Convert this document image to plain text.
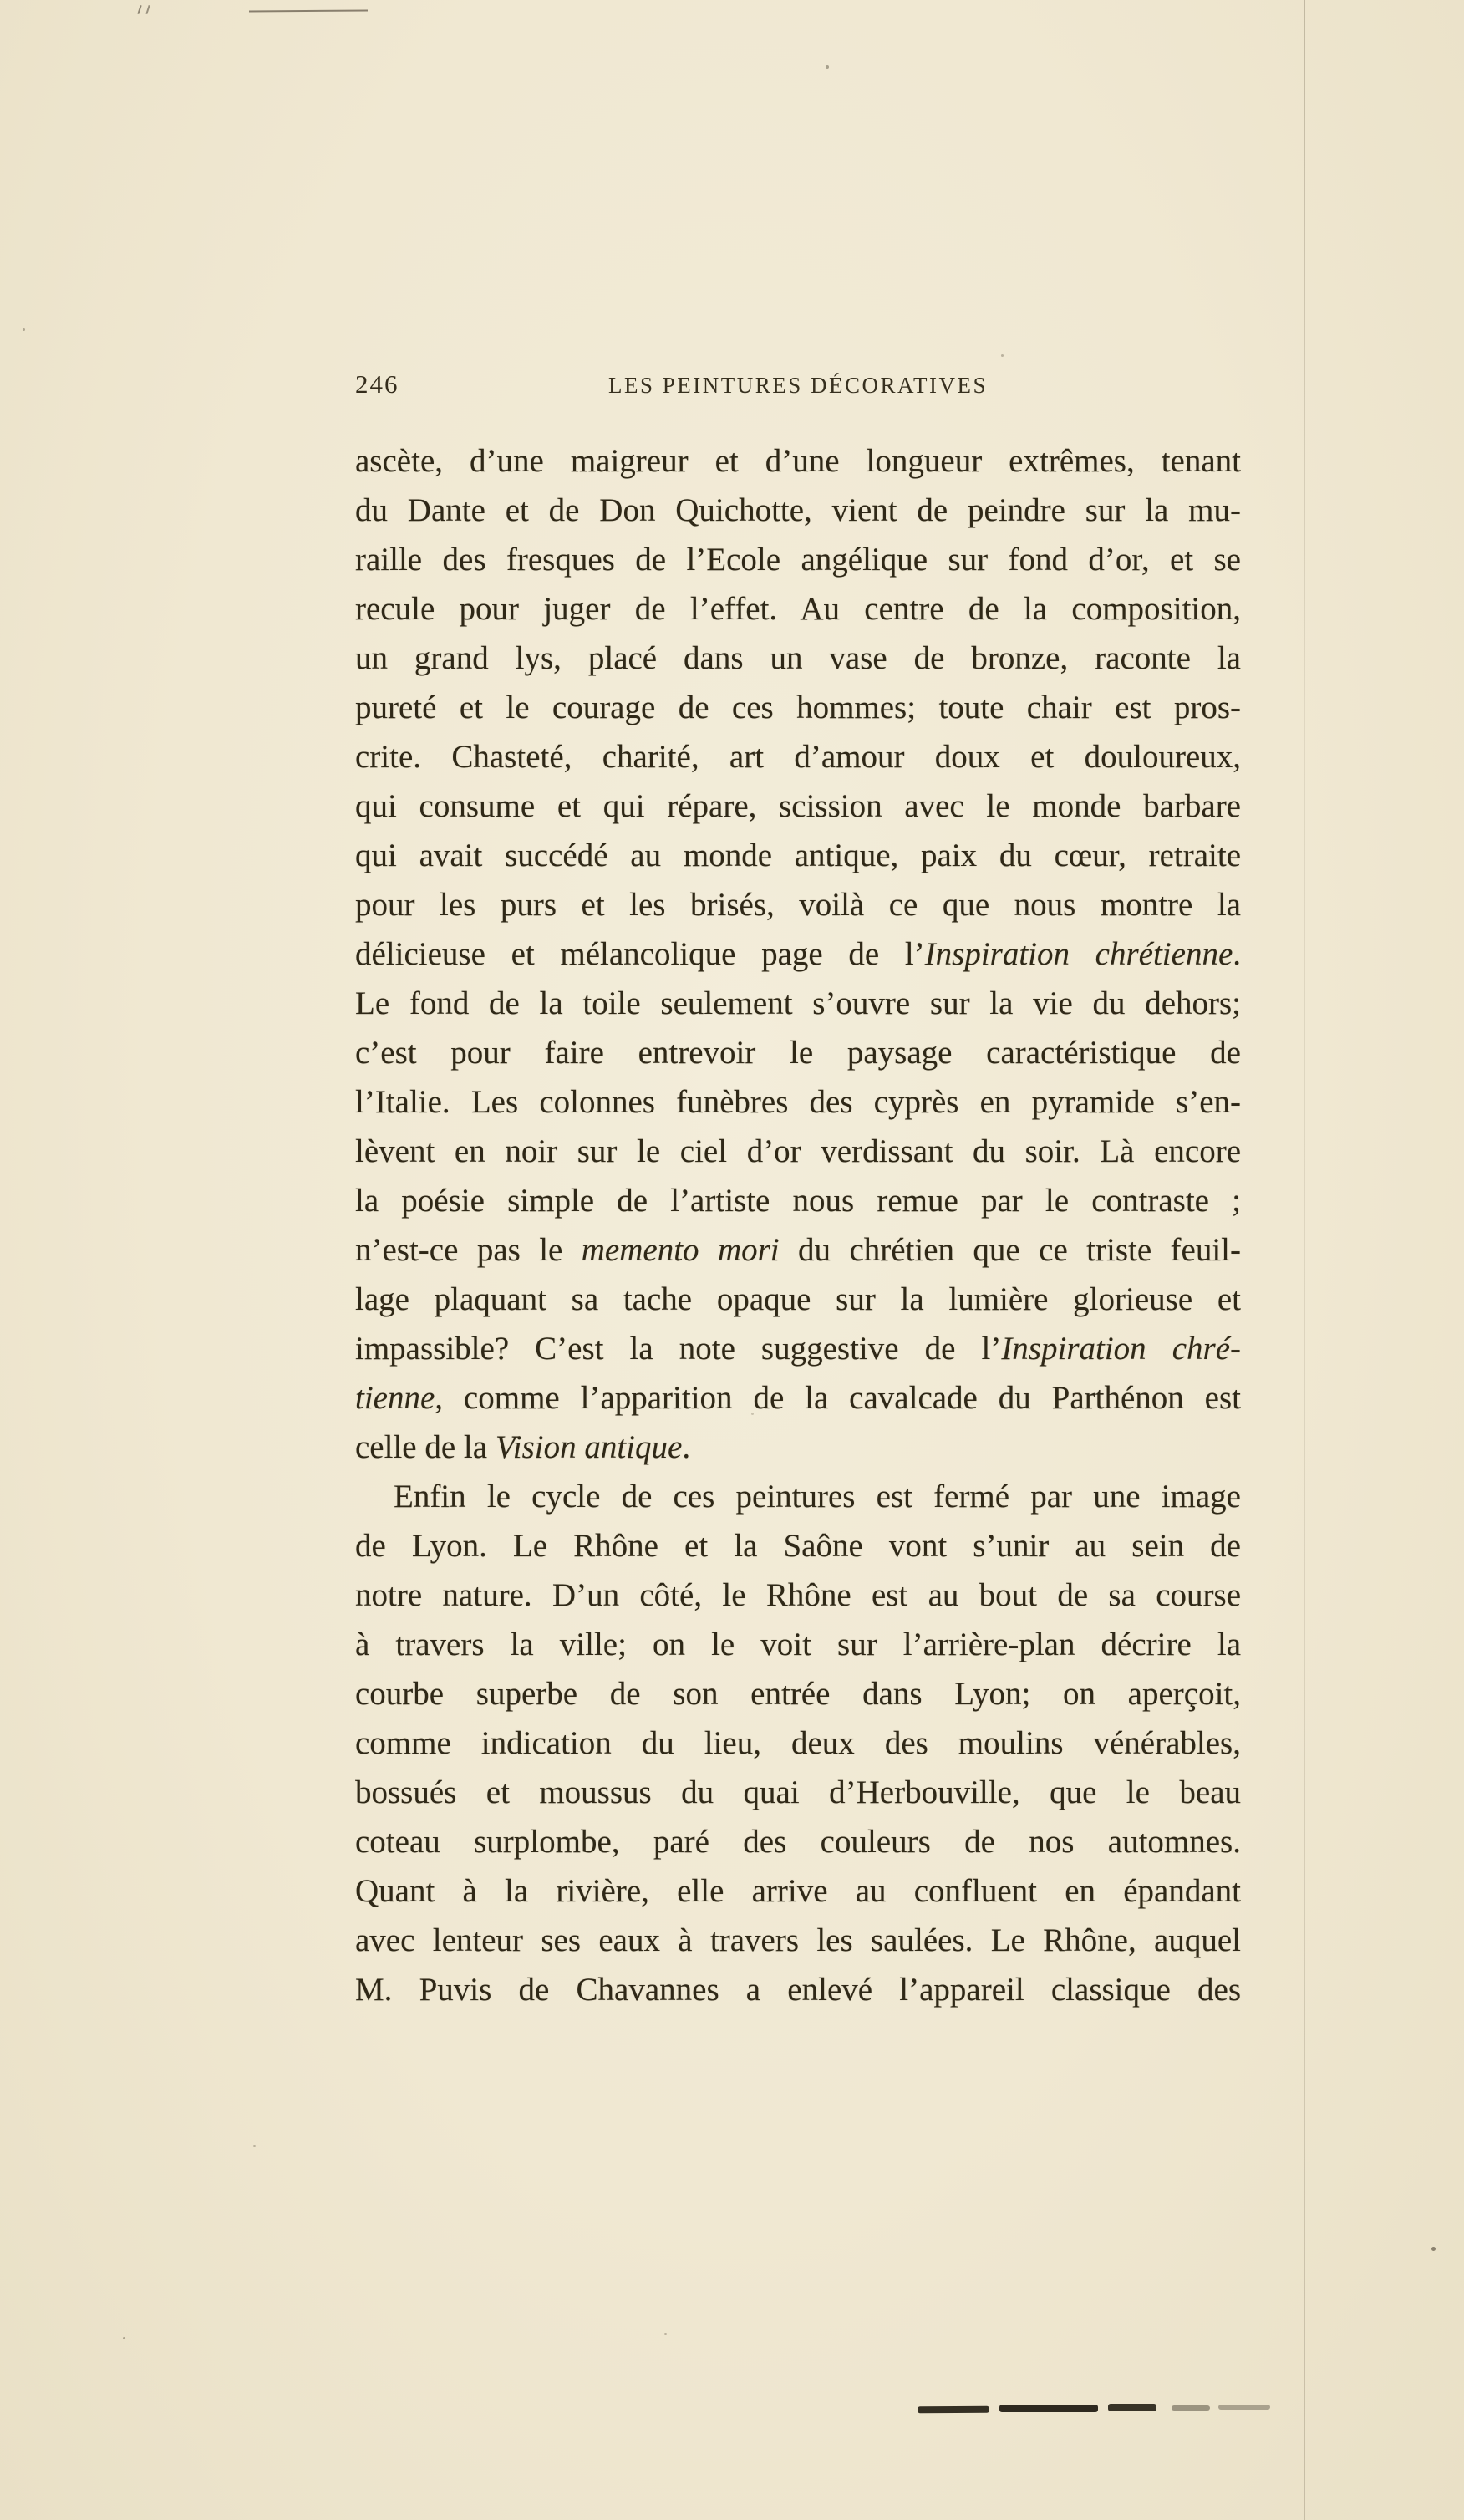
246	LES PEINTURES DÉCORATIVES
ascète, d’une maigreur et d’une longueur extrêmes, tenant
du Dante et de Don Quichotte, vient de peindre sur la mu-
raille des fresques de l’Ecole angélique sur fond d’or, et se
recule pour juger de l’effet. Au centre de la composition,
un grand lys, placé dans un vase de bronze, raconte la
pureté et le courage de ces hommes; toute chair est pros-
crite. Chasteté, charité, art d’amour doux et douloureux,
qui consume et qui répare, scission avec le monde barbare
qui avait succédé au monde antique, paix du cœur, retraite
pour les purs et les brisés, voilà ce que nous montre la
délicieuse et mélancolique page de l’Inspiration chrétienne.
Le fond de la toile seulement s’ouvre sur la vie du dehors;
c’est pour faire entrevoir le paysage caractéristique de
l’Italie. Les colonnes funèbres des cyprès en pyramide s’en-
lèvent en noir sur le ciel d’or verdissant du soir. Là encore
la poésie simple de l’artiste nous remue par le contraste ;
n’est-ce pas le memento mori du chrétien que ce triste feuil-
lage plaquant sa tache opaque sur la lumière glorieuse et
impassible? C’est la note suggestive de l’Inspiration chré-
tienne, comme l’apparition de la cavalcade du Parthénon est
celle de la Vision antique.
Enfin le cycle de ces peintures est fermé par une image
de Lyon. Le Rhône et la Saône vont s’unir au sein de
notre nature. D’un côté, le Rhône est au bout de sa course
à travers la ville; on le voit sur l’arrière-plan décrire la
courbe superbe de son entrée dans Lyon; on aperçoit,
comme indication du lieu, deux des moulins vénérables,
bossués et moussus du quai d’Herbouville, que le beau
coteau surplombe, paré des couleurs de nos automnes.
Quant à la rivière, elle arrive au confluent en épandant
avec lenteur ses eaux à travers les saulées. Le Rhône, auquel
M. Puvis de Chavannes a enlevé l’appareil classique des
